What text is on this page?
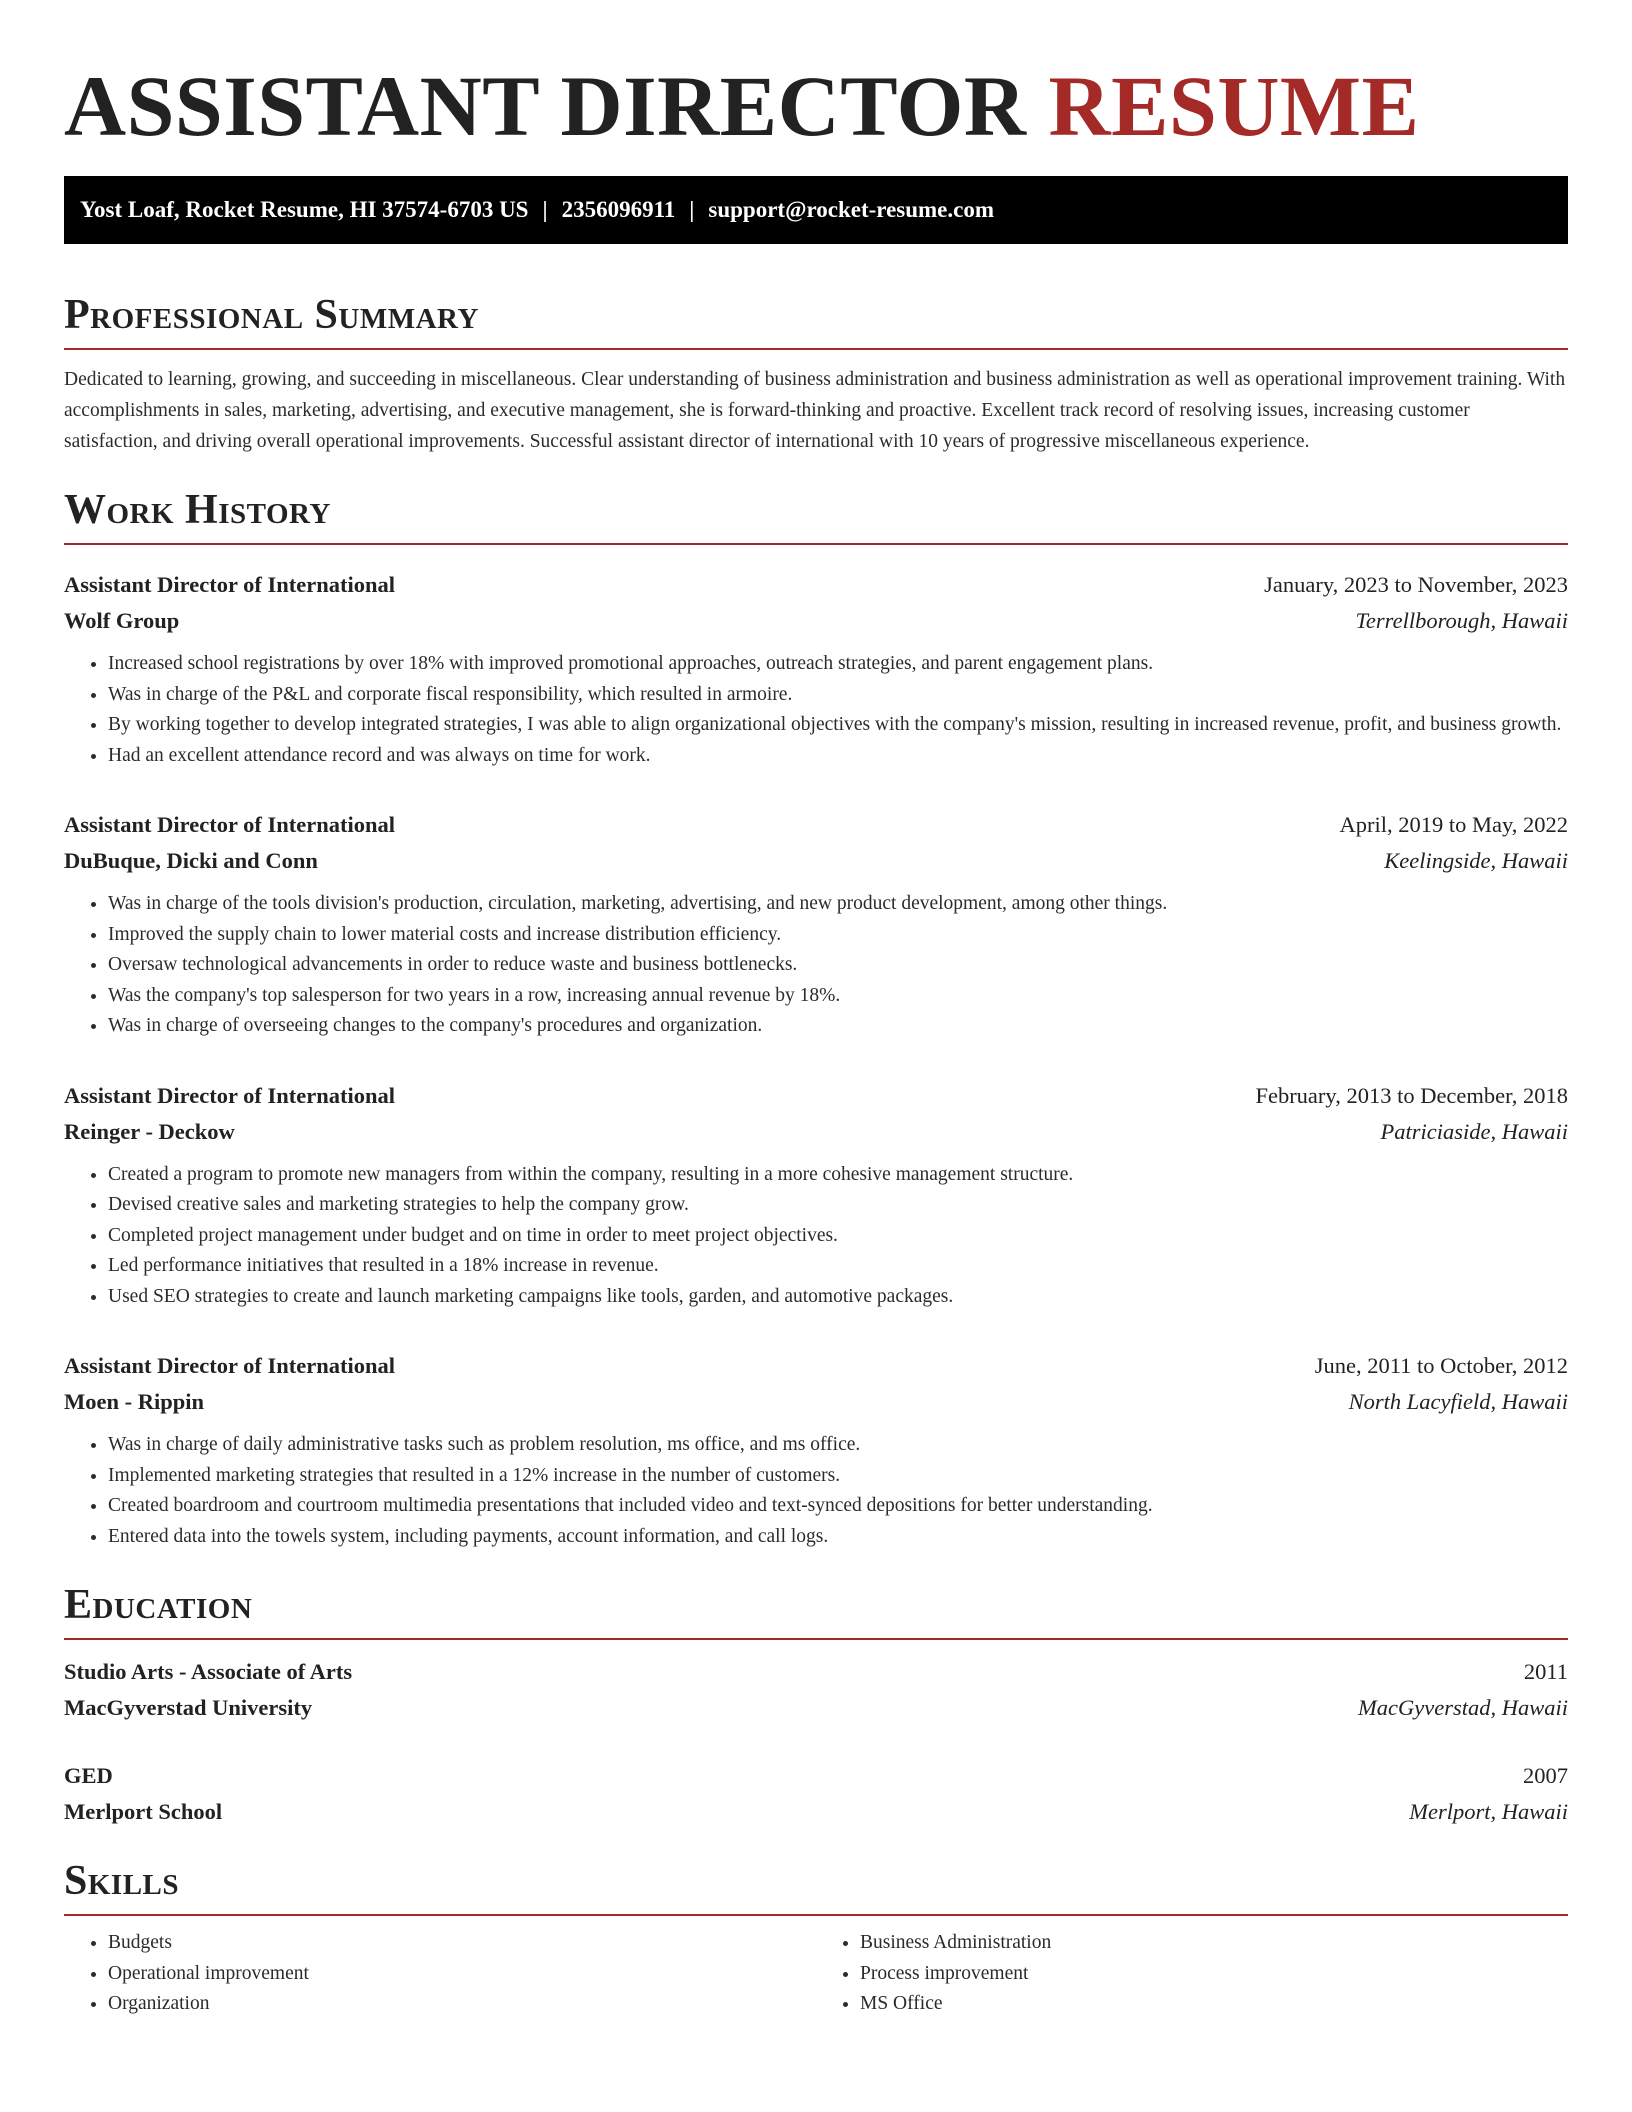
ASSISTANT DIRECTOR RESUME
Yost Loaf, Rocket Resume, HI 37574-6703 US | 2356096911 | support@rocket-resume.com
Professional Summary
Dedicated to learning, growing, and succeeding in miscellaneous. Clear understanding of business administration and business administration as well as operational improvement training. With accomplishments in sales, marketing, advertising, and executive management, she is forward-thinking and proactive. Excellent track record of resolving issues, increasing customer satisfaction, and driving overall operational improvements. Successful assistant director of international with 10 years of progressive miscellaneous experience.
Work History
Assistant Director of International	January, 2023 to November, 2023
Wolf Group	Terrellborough, Hawaii
• Increased school registrations by over 18% with improved promotional approaches, outreach strategies, and parent engagement plans.
• Was in charge of the P&L and corporate fiscal responsibility, which resulted in armoire.
• By working together to develop integrated strategies, I was able to align organizational objectives with the company's mission, resulting in increased revenue, profit, and business growth.
• Had an excellent attendance record and was always on time for work.
Assistant Director of International	April, 2019 to May, 2022
DuBuque, Dicki and Conn	Keelingside, Hawaii
• Was in charge of the tools division's production, circulation, marketing, advertising, and new product development, among other things.
• Improved the supply chain to lower material costs and increase distribution efficiency.
• Oversaw technological advancements in order to reduce waste and business bottlenecks.
• Was the company's top salesperson for two years in a row, increasing annual revenue by 18%.
• Was in charge of overseeing changes to the company's procedures and organization.
Assistant Director of International	February, 2013 to December, 2018
Reinger - Deckow	Patriciaside, Hawaii
• Created a program to promote new managers from within the company, resulting in a more cohesive management structure.
• Devised creative sales and marketing strategies to help the company grow.
• Completed project management under budget and on time in order to meet project objectives.
• Led performance initiatives that resulted in a 18% increase in revenue.
• Used SEO strategies to create and launch marketing campaigns like tools, garden, and automotive packages.
Assistant Director of International	June, 2011 to October, 2012
Moen - Rippin	North Lacyfield, Hawaii
• Was in charge of daily administrative tasks such as problem resolution, ms office, and ms office.
• Implemented marketing strategies that resulted in a 12% increase in the number of customers.
• Created boardroom and courtroom multimedia presentations that included video and text-synced depositions for better understanding.
• Entered data into the towels system, including payments, account information, and call logs.
Education
Studio Arts - Associate of Arts	2011
MacGyverstad University	MacGyverstad, Hawaii
GED	2007
Merlport School	Merlport, Hawaii
Skills
• Budgets
• Operational improvement
• Organization
• Business Administration
• Process improvement
• MS Office
